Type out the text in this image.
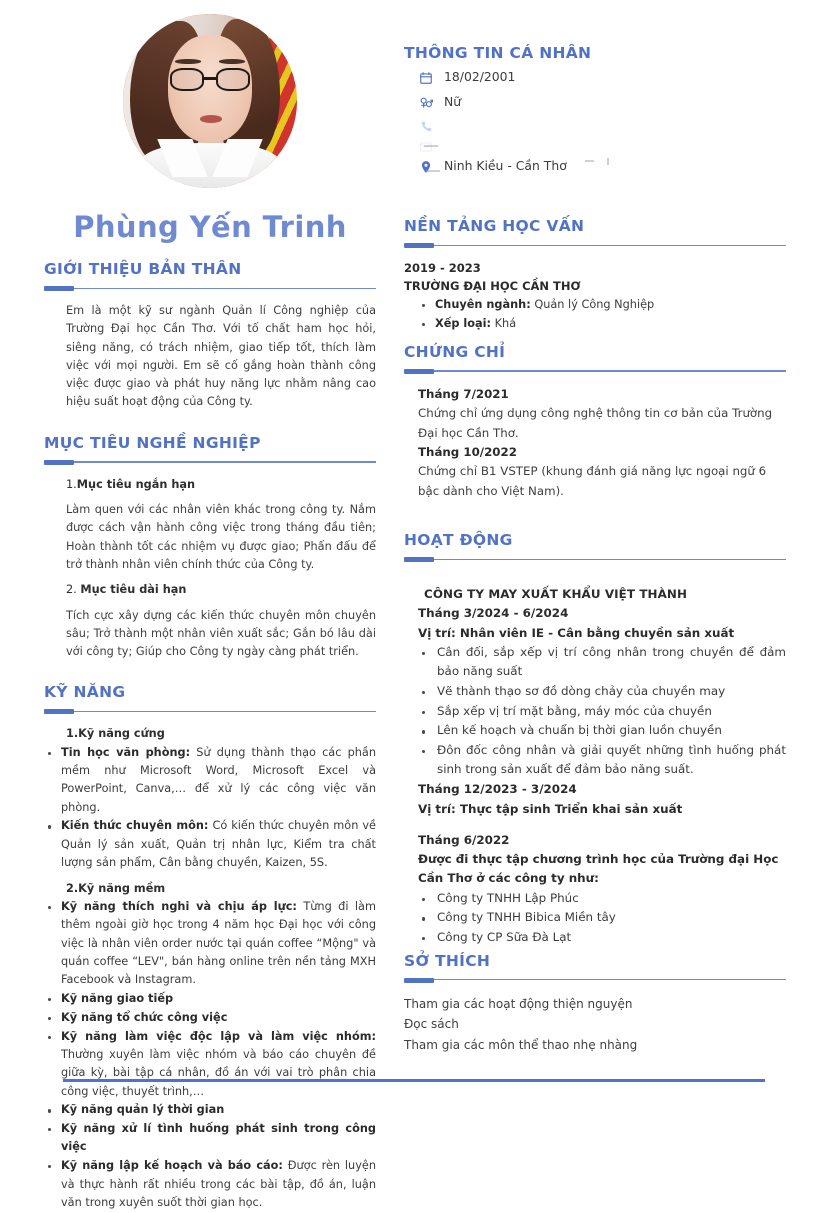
Phùng Yến Trinh
GIỚI THIỆU BẢN THÂN
Em là một kỹ sư ngành Quản lí Công nghiệp của Trường Đại học Cần Thơ. Với tố chất ham học hỏi, siêng năng, có trách nhiệm, giao tiếp tốt, thích làm việc với mọi người. Em sẽ cố gắng hoàn thành công việc được giao và phát huy năng lực nhằm nâng cao hiệu suất hoạt động của Công ty.
MỤC TIÊU NGHỀ NGHIỆP
1.Mục tiêu ngắn hạn
Làm quen với các nhân viên khác trong công ty. Nắm được cách vận hành công việc trong tháng đầu tiên; Hoàn thành tốt các nhiệm vụ được giao; Phấn đấu để trở thành nhân viên chính thức của Công ty.
2. Mục tiêu dài hạn
Tích cực xây dựng các kiến thức chuyên môn chuyên sâu; Trở thành một nhân viên xuất sắc; Gắn bó lâu dài với công ty; Giúp cho Công ty ngày càng phát triển.
KỸ NĂNG
1.Kỹ năng cứng
Tin học văn phòng: Sử dụng thành thạo các phần mềm như Microsoft Word, Microsoft Excel và PowerPoint, Canva,… để xử lý các công việc văn phòng.
Kiến thức chuyên môn: Có kiến thức chuyên môn về Quản lý sản xuất, Quản trị nhân lực, Kiểm tra chất lượng sản phẩm, Cân bằng chuyền, Kaizen, 5S.
2.Kỹ năng mềm
Kỹ năng thích nghi và chịu áp lực: Từng đi làm thêm ngoài giờ học trong 4 năm học Đại học với công việc là nhân viên order nước tại quán coffee “Mộng" và quán coffee “LEV", bán hàng online trên nền tảng MXH Facebook và Instagram.
Kỹ năng giao tiếp
Kỹ năng tổ chức công việc
Kỹ năng làm việc độc lập và làm việc nhóm: Thường xuyên làm việc nhóm và báo cáo chuyên đề giữa kỳ, bài tập cá nhân, đồ án với vai trò phân chia công việc, thuyết trình,…
Kỹ năng quản lý thời gian
Kỹ năng xử lí tình huống phát sinh trong công việc
Kỹ năng lập kế hoạch và báo cáo: Được rèn luyện và thực hành rất nhiều trong các bài tập, đồ án, luận văn trong xuyên suốt thời gian học.
THÔNG TIN CÁ NHÂN
18/02/2001
Nữ
Ninh Kiều - Cần Thơ
NỀN TẢNG HỌC VẤN
2019 - 2023
TRƯỜNG ĐẠI HỌC CẦN THƠ
Chuyên ngành: Quản lý Công Nghiệp
Xếp loại: Khá
CHỨNG CHỈ
Tháng 7/2021
Chứng chỉ ứng dụng công nghệ thông tin cơ bản của Trường Đại học Cần Thơ.
Tháng 10/2022
Chứng chỉ B1 VSTEP (khung đánh giá năng lực ngoại ngữ 6 bậc dành cho Việt Nam).
HOẠT ĐỘNG
CÔNG TY MAY XUẤT KHẨU VIỆT THÀNH
Tháng 3/2024 - 6/2024
Vị trí: Nhân viên IE - Cân bằng chuyền sản xuất
Cân đối, sắp xếp vị trí công nhân trong chuyền để đảm bảo năng suất
Vẽ thành thạo sơ đồ dòng chảy của chuyền may
Sắp xếp vị trí mặt bằng, máy móc của chuyền
Lên kế hoạch và chuẩn bị thời gian luồn chuyền
Đôn đốc công nhân và giải quyết những tình huống phát sinh trong sản xuất để đảm bảo năng suất.
Tháng 12/2023 - 3/2024
Vị trí: Thực tập sinh Triển khai sản xuất
Tháng 6/2022
Được đi thực tập chương trình học của Trường đại Học Cần Thơ ở các công ty như:
Công ty TNHH Lập Phúc
Công ty TNHH Bibica Miền tây
Công ty CP Sữa Đà Lạt
SỞ THÍCH
Tham gia các hoạt động thiện nguyện
Đọc sách
Tham gia các môn thể thao nhẹ nhàng
